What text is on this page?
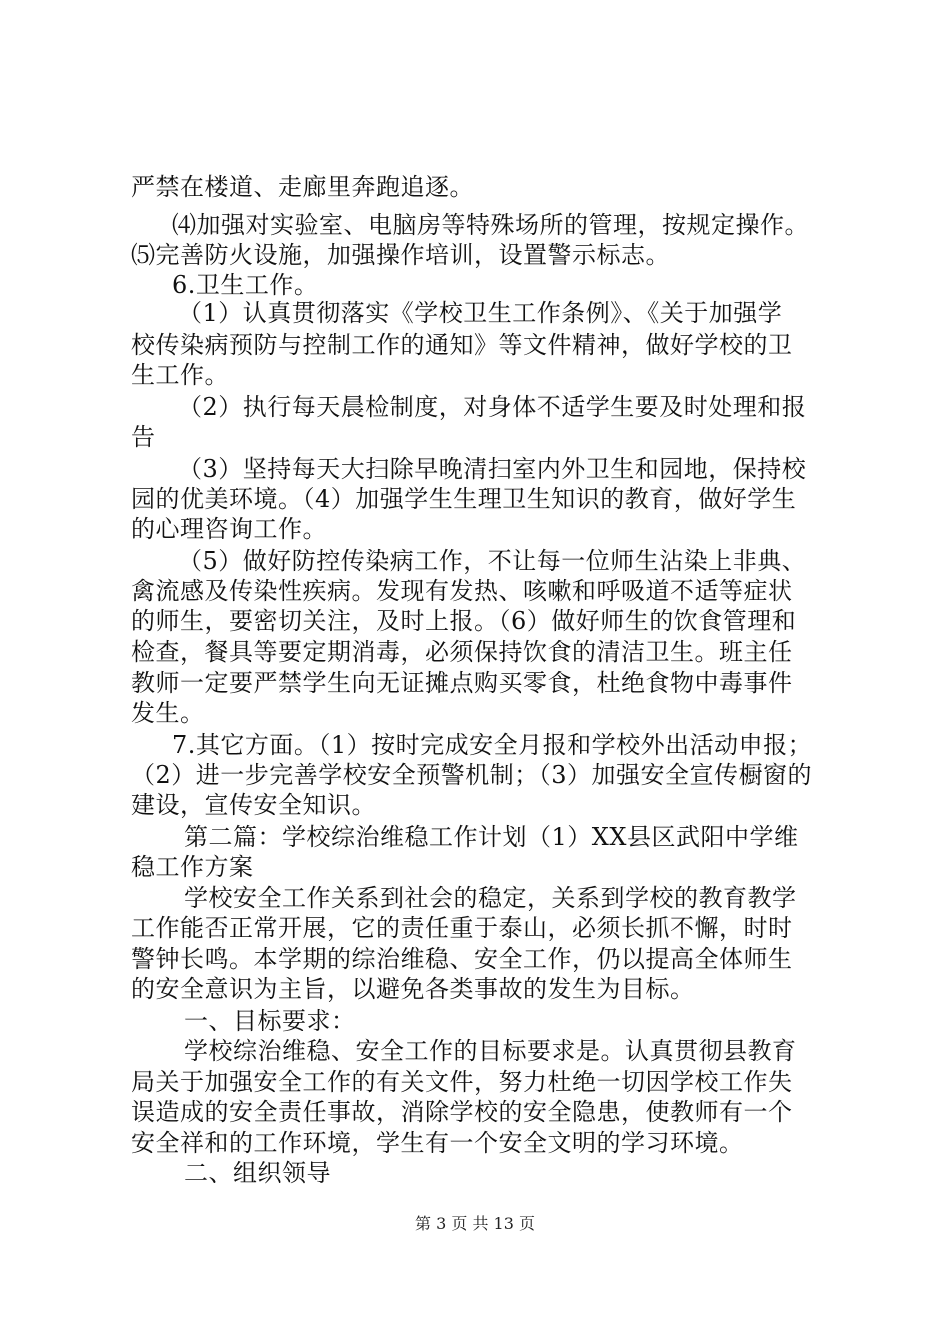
严禁在楼道、走廊里奔跑追逐。
⑷加强对实验室、电脑房等特殊场所的管理，按规定操作。
⑸完善防火设施，加强操作培训，设置警示标志。
6.卫生工作。
（1）认真贯彻落实《学校卫生工作条例》、《关于加强学
校传染病预防与控制工作的通知》等文件精神，做好学校的卫
生工作。
（2）执行每天晨检制度，对身体不适学生要及时处理和报
告
（3）坚持每天大扫除早晚清扫室内外卫生和园地，保持校
园的优美环境。（4）加强学生生理卫生知识的教育，做好学生
的心理咨询工作。
（5）做好防控传染病工作，不让每一位师生沾染上非典、
禽流感及传染性疾病。发现有发热、咳嗽和呼吸道不适等症状
的师生，要密切关注，及时上报。（6）做好师生的饮食管理和
检查，餐具等要定期消毒，必须保持饮食的清洁卫生。班主任
教师一定要严禁学生向无证摊点购买零食，杜绝食物中毒事件
发生。
7.其它方面。（1）按时完成安全月报和学校外出活动申报；
（2）进一步完善学校安全预警机制；（3）加强安全宣传橱窗的
建设，宣传安全知识。
第二篇：学校综治维稳工作计划（1）XX县区武阳中学维
稳工作方案
学校安全工作关系到社会的稳定，关系到学校的教育教学
工作能否正常开展，它的责任重于泰山，必须长抓不懈，时时
警钟长鸣。本学期的综治维稳、安全工作，仍以提高全体师生
的安全意识为主旨，以避免各类事故的发生为目标。
一、目标要求：
学校综治维稳、安全工作的目标要求是。认真贯彻县教育
局关于加强安全工作的有关文件，努力杜绝一切因学校工作失
误造成的安全责任事故，消除学校的安全隐患，使教师有一个
安全祥和的工作环境，学生有一个安全文明的学习环境。
二、组织领导
第 3 页 共 13 页
